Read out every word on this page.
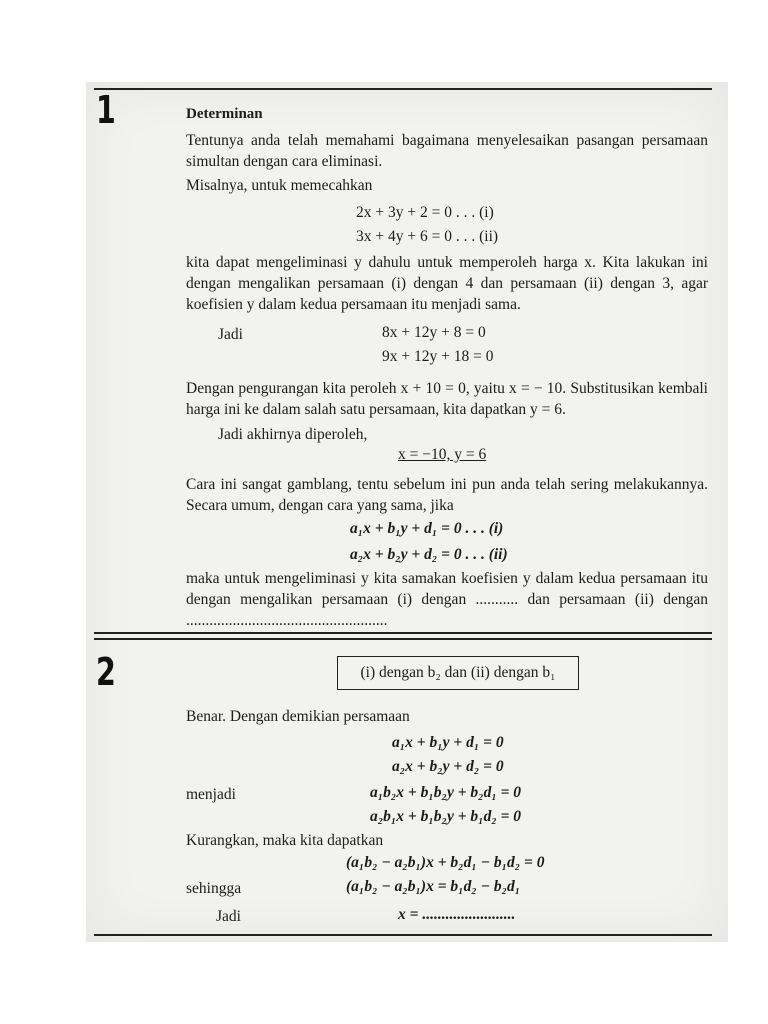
1	Determinan
Tentunya anda telah memahami bagaimana menyelesaikan pasangan persamaan simultan dengan cara eliminasi.
Misalnya, untuk memecahkan
2x + 3y + 2 = 0 . . . (i)
3x + 4y + 6 = 0 . . . (ii)
kita dapat mengeliminasi y dahulu untuk memperoleh harga x. Kita lakukan ini dengan mengalikan persamaan (i) dengan 4 dan persamaan (ii) dengan 3, agar koefisien y dalam kedua persamaan itu menjadi sama.
Jadi	8x + 12y + 8 = 0
9x + 12y + 18 = 0
Dengan pengurangan kita peroleh x + 10 = 0, yaitu x = − 10. Substitusikan kembali harga ini ke dalam salah satu persamaan, kita dapatkan y = 6.
Jadi akhirnya diperoleh,
x = −10, y = 6
Cara ini sangat gamblang, tentu sebelum ini pun anda telah sering melakukannya. Secara umum, dengan cara yang sama, jika
a₁x + b₁y + d₁ = 0 . . . (i)
a₂x + b₂y + d₂ = 0 . . . (ii)
maka untuk mengeliminasi y kita samakan koefisien y dalam kedua persamaan itu dengan mengalikan persamaan (i) dengan ........... dan persamaan (ii) dengan ....................................................
2	(i) dengan b₂ dan (ii) dengan b₁
Benar. Dengan demikian persamaan
a₁x + b₁y + d₁ = 0
a₂x + b₂y + d₂ = 0
menjadi	a₁b₂x + b₁b₂y + b₂d₁ = 0
a₂b₁x + b₁b₂y + b₁d₂ = 0
Kurangkan, maka kita dapatkan
(a₁b₂ − a₂b₁)x + b₂d₁ − b₁d₂ = 0
sehingga	(a₁b₂ − a₂b₁)x = b₁d₂ − b₂d₁
Jadi	x = ........................
